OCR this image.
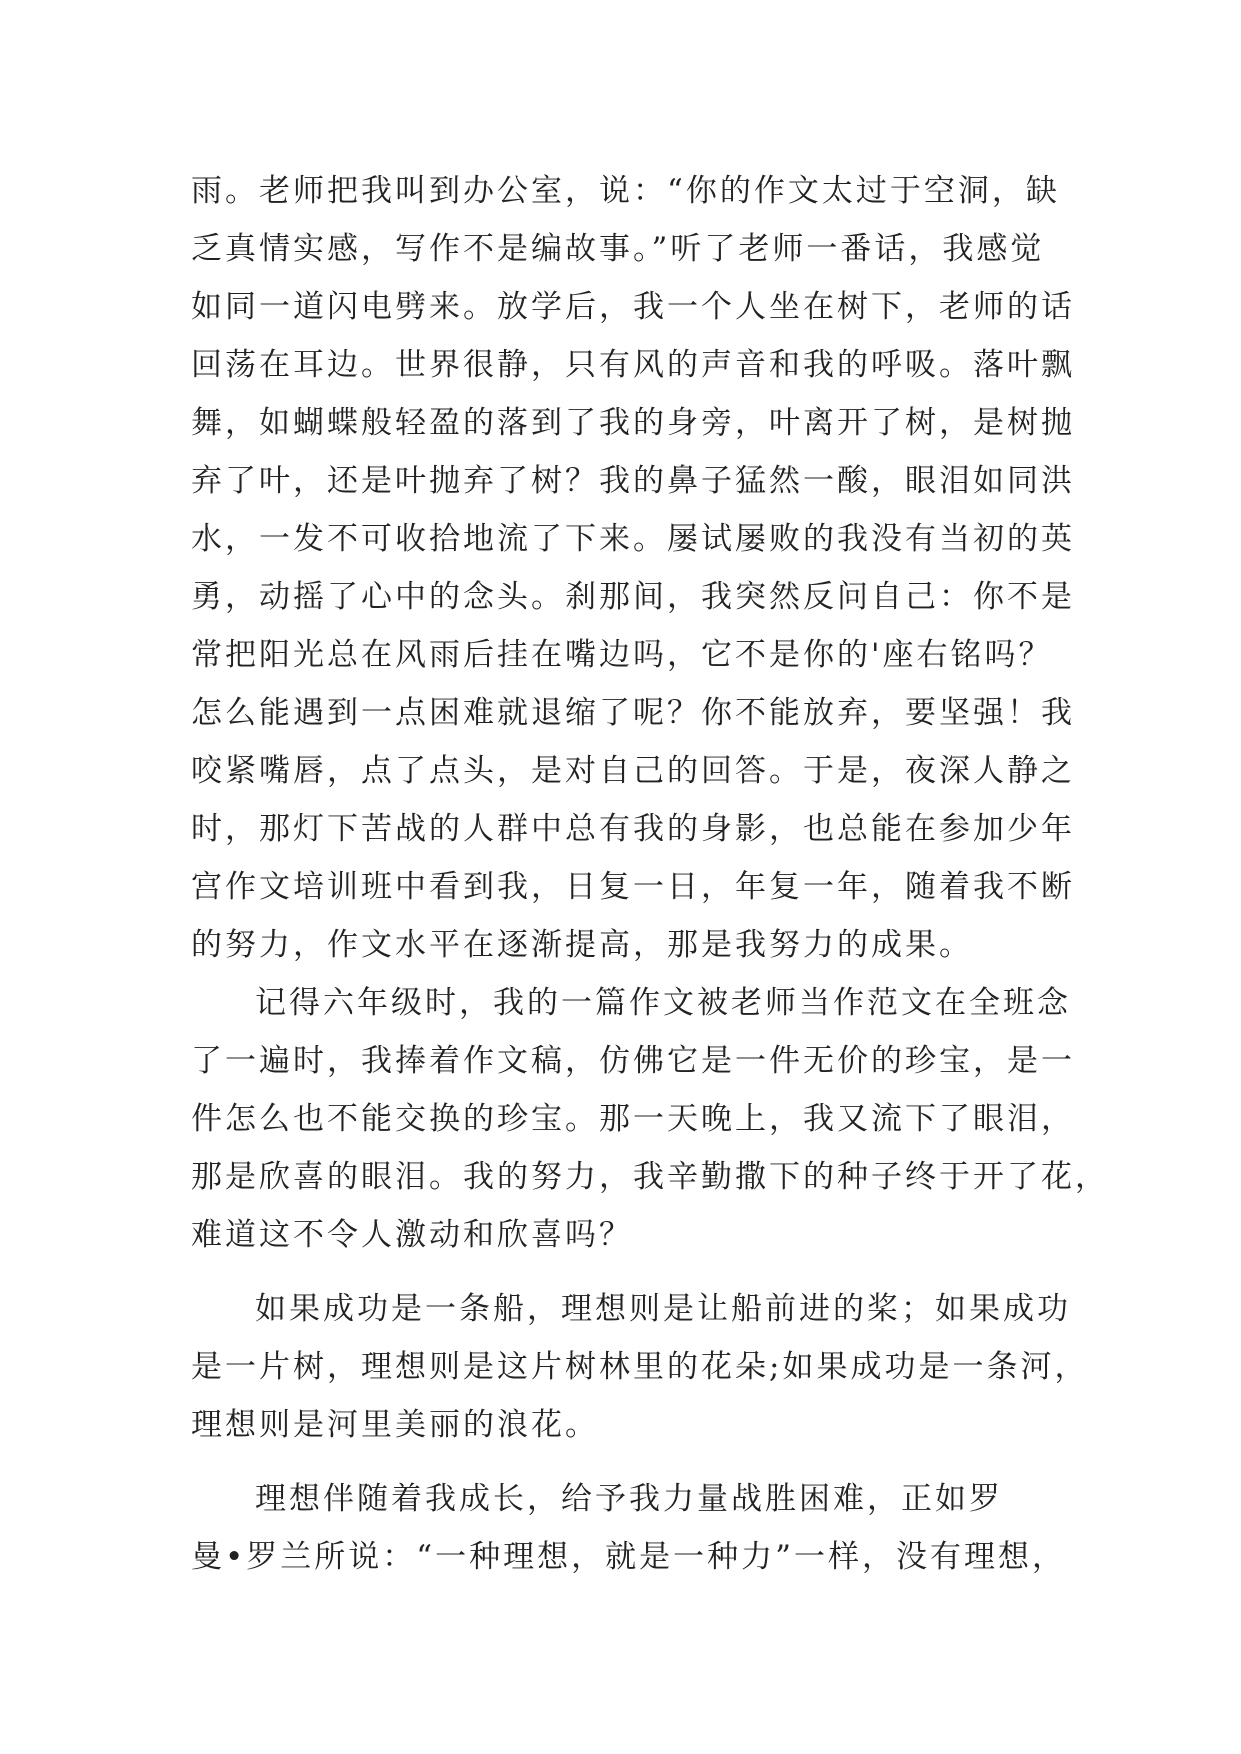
雨。老师把我叫到办公室，说：“你的作文太过于空洞，缺
乏真情实感，写作不是编故事。”听了老师一番话，我感觉
如同一道闪电劈来。放学后，我一个人坐在树下，老师的话
回荡在耳边。世界很静，只有风的声音和我的呼吸。落叶飘
舞，如蝴蝶般轻盈的落到了我的身旁，叶离开了树，是树抛
弃了叶，还是叶抛弃了树？我的鼻子猛然一酸，眼泪如同洪
水，一发不可收拾地流了下来。屡试屡败的我没有当初的英
勇，动摇了心中的念头。刹那间，我突然反问自己：你不是
常把阳光总在风雨后挂在嘴边吗，它不是你的'座右铭吗？
怎么能遇到一点困难就退缩了呢？你不能放弃，要坚强！我
咬紧嘴唇，点了点头，是对自己的回答。于是，夜深人静之
时，那灯下苦战的人群中总有我的身影，也总能在参加少年
宫作文培训班中看到我，日复一日，年复一年，随着我不断
的努力，作文水平在逐渐提高，那是我努力的成果。
记得六年级时，我的一篇作文被老师当作范文在全班念
了一遍时，我捧着作文稿，仿佛它是一件无价的珍宝，是一
件怎么也不能交换的珍宝。那一天晚上，我又流下了眼泪，
那是欣喜的眼泪。我的努力，我辛勤撒下的种子终于开了花，
难道这不令人激动和欣喜吗？
如果成功是一条船，理想则是让船前进的桨；如果成功
是一片树，理想则是这片树林里的花朵;如果成功是一条河，
理想则是河里美丽的浪花。
理想伴随着我成长，给予我力量战胜困难，正如罗
曼•罗兰所说：“一种理想，就是一种力”一样，没有理想，
